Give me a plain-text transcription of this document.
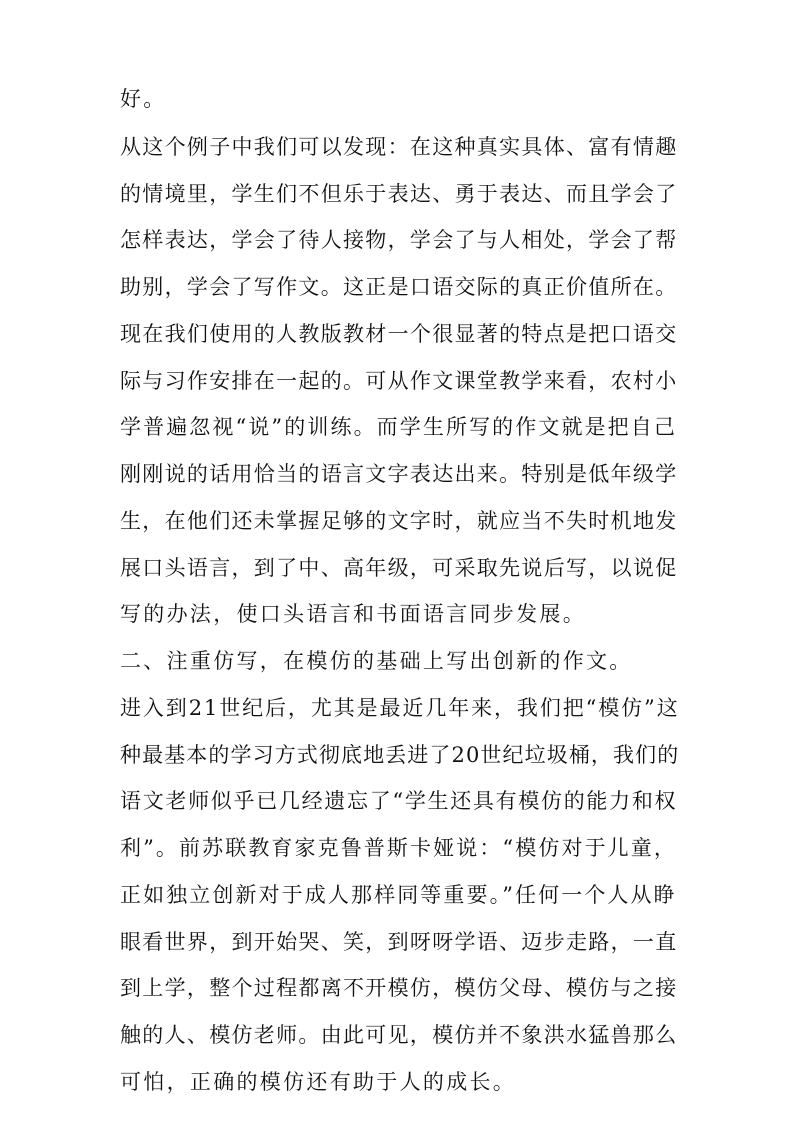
好。
从这个例子中我们可以发现：在这种真实具体、富有情趣
的情境里，学生们不但乐于表达、勇于表达、而且学会了
怎样表达，学会了待人接物，学会了与人相处，学会了帮
助别，学会了写作文。这正是口语交际的真正价值所在。
现在我们使用的人教版教材一个很显著的特点是把口语交
际与习作安排在一起的。可从作文课堂教学来看，农村小
学普遍忽视“说”的训练。而学生所写的作文就是把自己
刚刚说的话用恰当的语言文字表达出来。特别是低年级学
生，在他们还未掌握足够的文字时，就应当不失时机地发
展口头语言，到了中、高年级，可采取先说后写，以说促
写的办法，使口头语言和书面语言同步发展。
二、注重仿写，在模仿的基础上写出创新的作文。
进入到21世纪后，尤其是最近几年来，我们把“模仿”这
种最基本的学习方式彻底地丢进了20世纪垃圾桶，我们的
语文老师似乎已几经遗忘了“学生还具有模仿的能力和权
利”。前苏联教育家克鲁普斯卡娅说：“模仿对于儿童，
正如独立创新对于成人那样同等重要。”任何一个人从睁
眼看世界，到开始哭、笑，到呀呀学语、迈步走路，一直
到上学，整个过程都离不开模仿，模仿父母、模仿与之接
触的人、模仿老师。由此可见，模仿并不象洪水猛兽那么
可怕，正确的模仿还有助于人的成长。
